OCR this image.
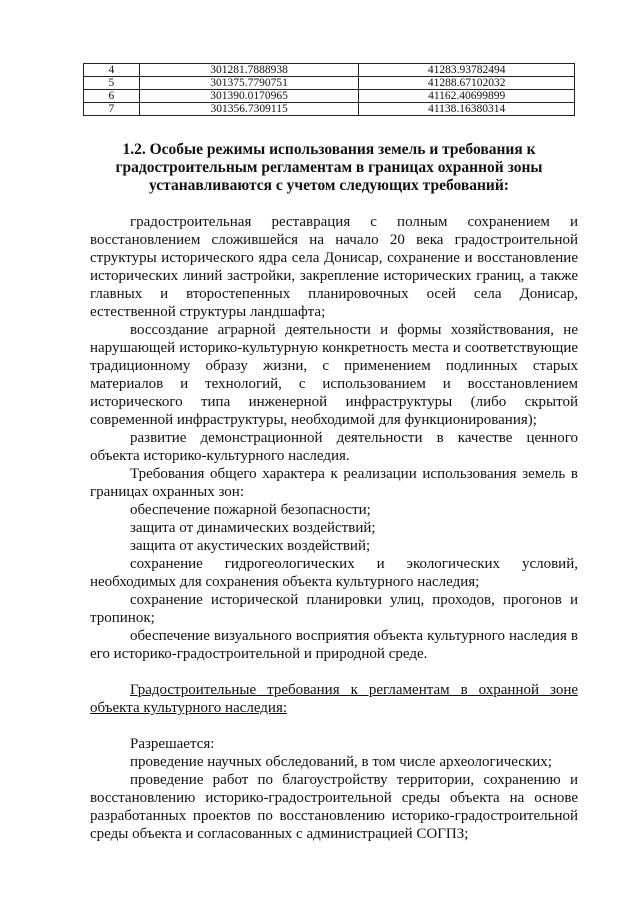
4	301281.7888938	41283.93782494
5	301375.7790751	41288.67102032
6	301390.0170965	41162.40699899
7	301356.7309115	41138.16380314
1.2. Особые режимы использования земель и требования к
градостроительным регламентам в границах охранной зоны
устанавливаются с учетом следующих требований:

градостроительная реставрация с полным сохранением и восстановлением сложившейся на начало 20 века градостроительной структуры исторического ядра села Донисар, сохранение и восстановление исторических линий застройки, закрепление исторических границ, а также главных и второстепенных планировочных осей села Донисар, естественной структуры ландшафта;

воссоздание аграрной деятельности и формы хозяйствования, не нарушающей историко-культурную конкретность места и соответствующие традиционному образу жизни, с применением подлинных старых материалов и технологий, с использованием и восстановлением исторического типа инженерной инфраструктуры (либо скрытой современной инфраструктуры, необходимой для функционирования);

развитие демонстрационной деятельности в качестве ценного объекта историко-культурного наследия.

Требования общего характера к реализации использования земель в границах охранных зон:

обеспечение пожарной безопасности;

защита от динамических воздействий;

защита от акустических воздействий;

сохранение гидрогеологических и экологических условий, необходимых для сохранения объекта культурного наследия;

сохранение исторической планировки улиц, проходов, прогонов и тропинок;

обеспечение визуального восприятия объекта культурного наследия в его историко-градостроительной и природной среде.

Градостроительные требования к регламентам в охранной зоне объекта культурного наследия:

Разрешается:

проведение научных обследований, в том числе археологических;

проведение работ по благоустройству территории, сохранению и восстановлению историко-градостроительной среды объекта на основе разработанных проектов по восстановлению историко-градостроительной среды объекта и согласованных с администрацией СОГПЗ;
